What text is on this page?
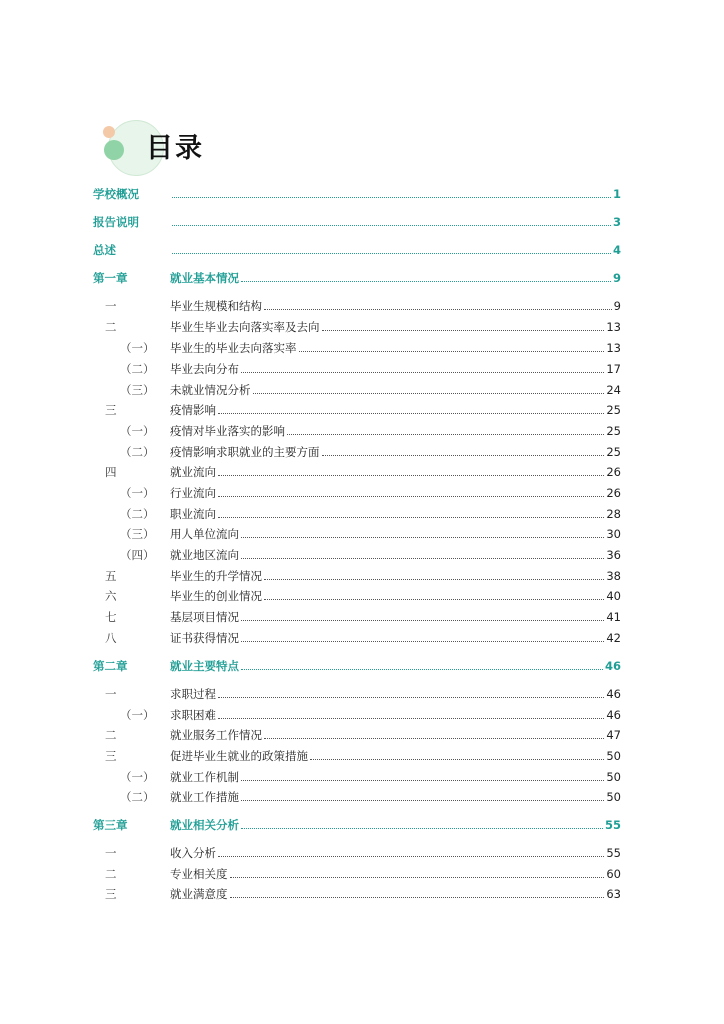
目录
学校概况	1
报告说明	3
总述	4
第一章	就业基本情况	9
一	毕业生规模和结构	9
二	毕业生毕业去向落实率及去向	13
（一） 毕业生的毕业去向落实率	13
（二） 毕业去向分布	17
（三） 未就业情况分析	24
三	疫情影响	25
（一） 疫情对毕业落实的影响	25
（二） 疫情影响求职就业的主要方面	25
四	就业流向	26
（一） 行业流向	26
（二） 职业流向	28
（三） 用人单位流向	30
（四） 就业地区流向	36
五	毕业生的升学情况	38
六	毕业生的创业情况	40
七	基层项目情况	41
八	证书获得情况	42
第二章	就业主要特点	46
一	求职过程	46
（一） 求职困难	46
二	就业服务工作情况	47
三	促进毕业生就业的政策措施	50
（一） 就业工作机制	50
（二） 就业工作措施	50
第三章	就业相关分析	55
一	收入分析	55
二	专业相关度	60
三	就业满意度	63
